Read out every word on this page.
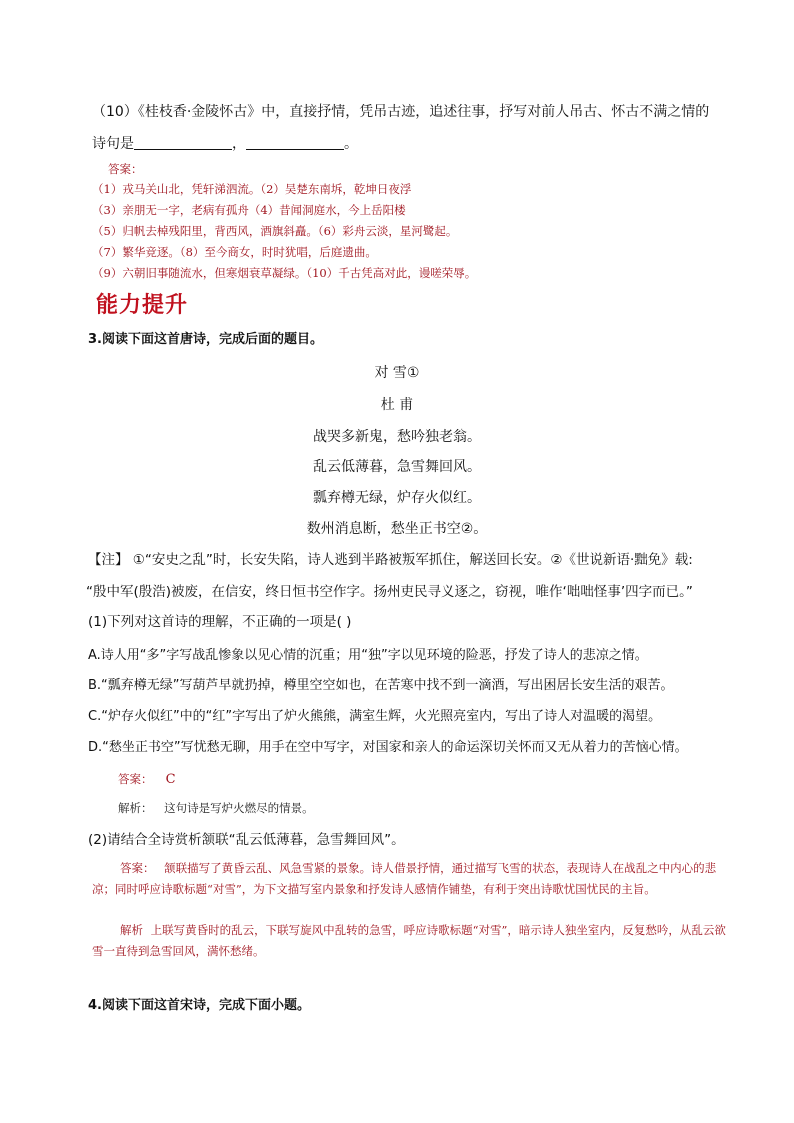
（10）《桂枝香·金陵怀古》中，直接抒情，凭吊古迹，追述往事，抒写对前人吊古、怀古不满之情的
诗句是	，	。
答案：
（1）戎马关山北，凭轩涕泗流。（2）吴楚东南坼，乾坤日夜浮
（3）亲朋无一字，老病有孤舟（4）昔闻洞庭水，今上岳阳楼
（5）归帆去棹残阳里，背西风，酒旗斜矗。（6）彩舟云淡，星河鹭起。
（7）繁华竞逐。（8）至今商女，时时犹唱，后庭遗曲。
（9）六朝旧事随流水，但寒烟衰草凝绿。（10）千古凭高对此，谩嗟荣辱。
能力提升
3.阅读下面这首唐诗，完成后面的题目。
对 雪①
杜 甫
战哭多新鬼，愁吟独老翁。
乱云低薄暮，急雪舞回风。
瓢弃樽无绿，炉存火似红。
数州消息断，愁坐正书空②。
【注】 ①“安史之乱”时，长安失陷，诗人逃到半路被叛军抓住，解送回长安。②《世说新语·黜免》载:
“殷中军(殷浩)被废，在信安，终日恒书空作字。扬州吏民寻义逐之，窃视，唯作‘咄咄怪事’四字而已。”
(1)下列对这首诗的理解，不正确的一项是( )
A.诗人用“多”字写战乱惨象以见心情的沉重；用“独”字以见环境的险恶，抒发了诗人的悲凉之情。
B.“瓢弃樽无绿”写葫芦早就扔掉，樽里空空如也，在苦寒中找不到一滴酒，写出困居长安生活的艰苦。
C.“炉存火似红”中的“红”字写出了炉火熊熊，满室生辉，火光照亮室内，写出了诗人对温暖的渴望。
D.“愁坐正书空”写忧愁无聊，用手在空中写字，对国家和亲人的命运深切关怀而又无从着力的苦恼心情。
答案： C
解析： 这句诗是写炉火燃尽的情景。
(2)请结合全诗赏析颔联“乱云低薄暮，急雪舞回风”。
答案： 颔联描写了黄昏云乱、风急雪紧的景象。诗人借景抒情，通过描写飞雪的状态，表现诗人在战乱之中内心的悲凉；同时呼应诗歌标题“对雪”，为下文描写室内景象和抒发诗人感情作铺垫，有利于突出诗歌忧国忧民的主旨。
解析 上联写黄昏时的乱云，下联写旋风中乱转的急雪，呼应诗歌标题“对雪”，暗示诗人独坐室内，反复愁吟，从乱云欲雪一直待到急雪回风，满怀愁绪。
4.阅读下面这首宋诗，完成下面小题。
